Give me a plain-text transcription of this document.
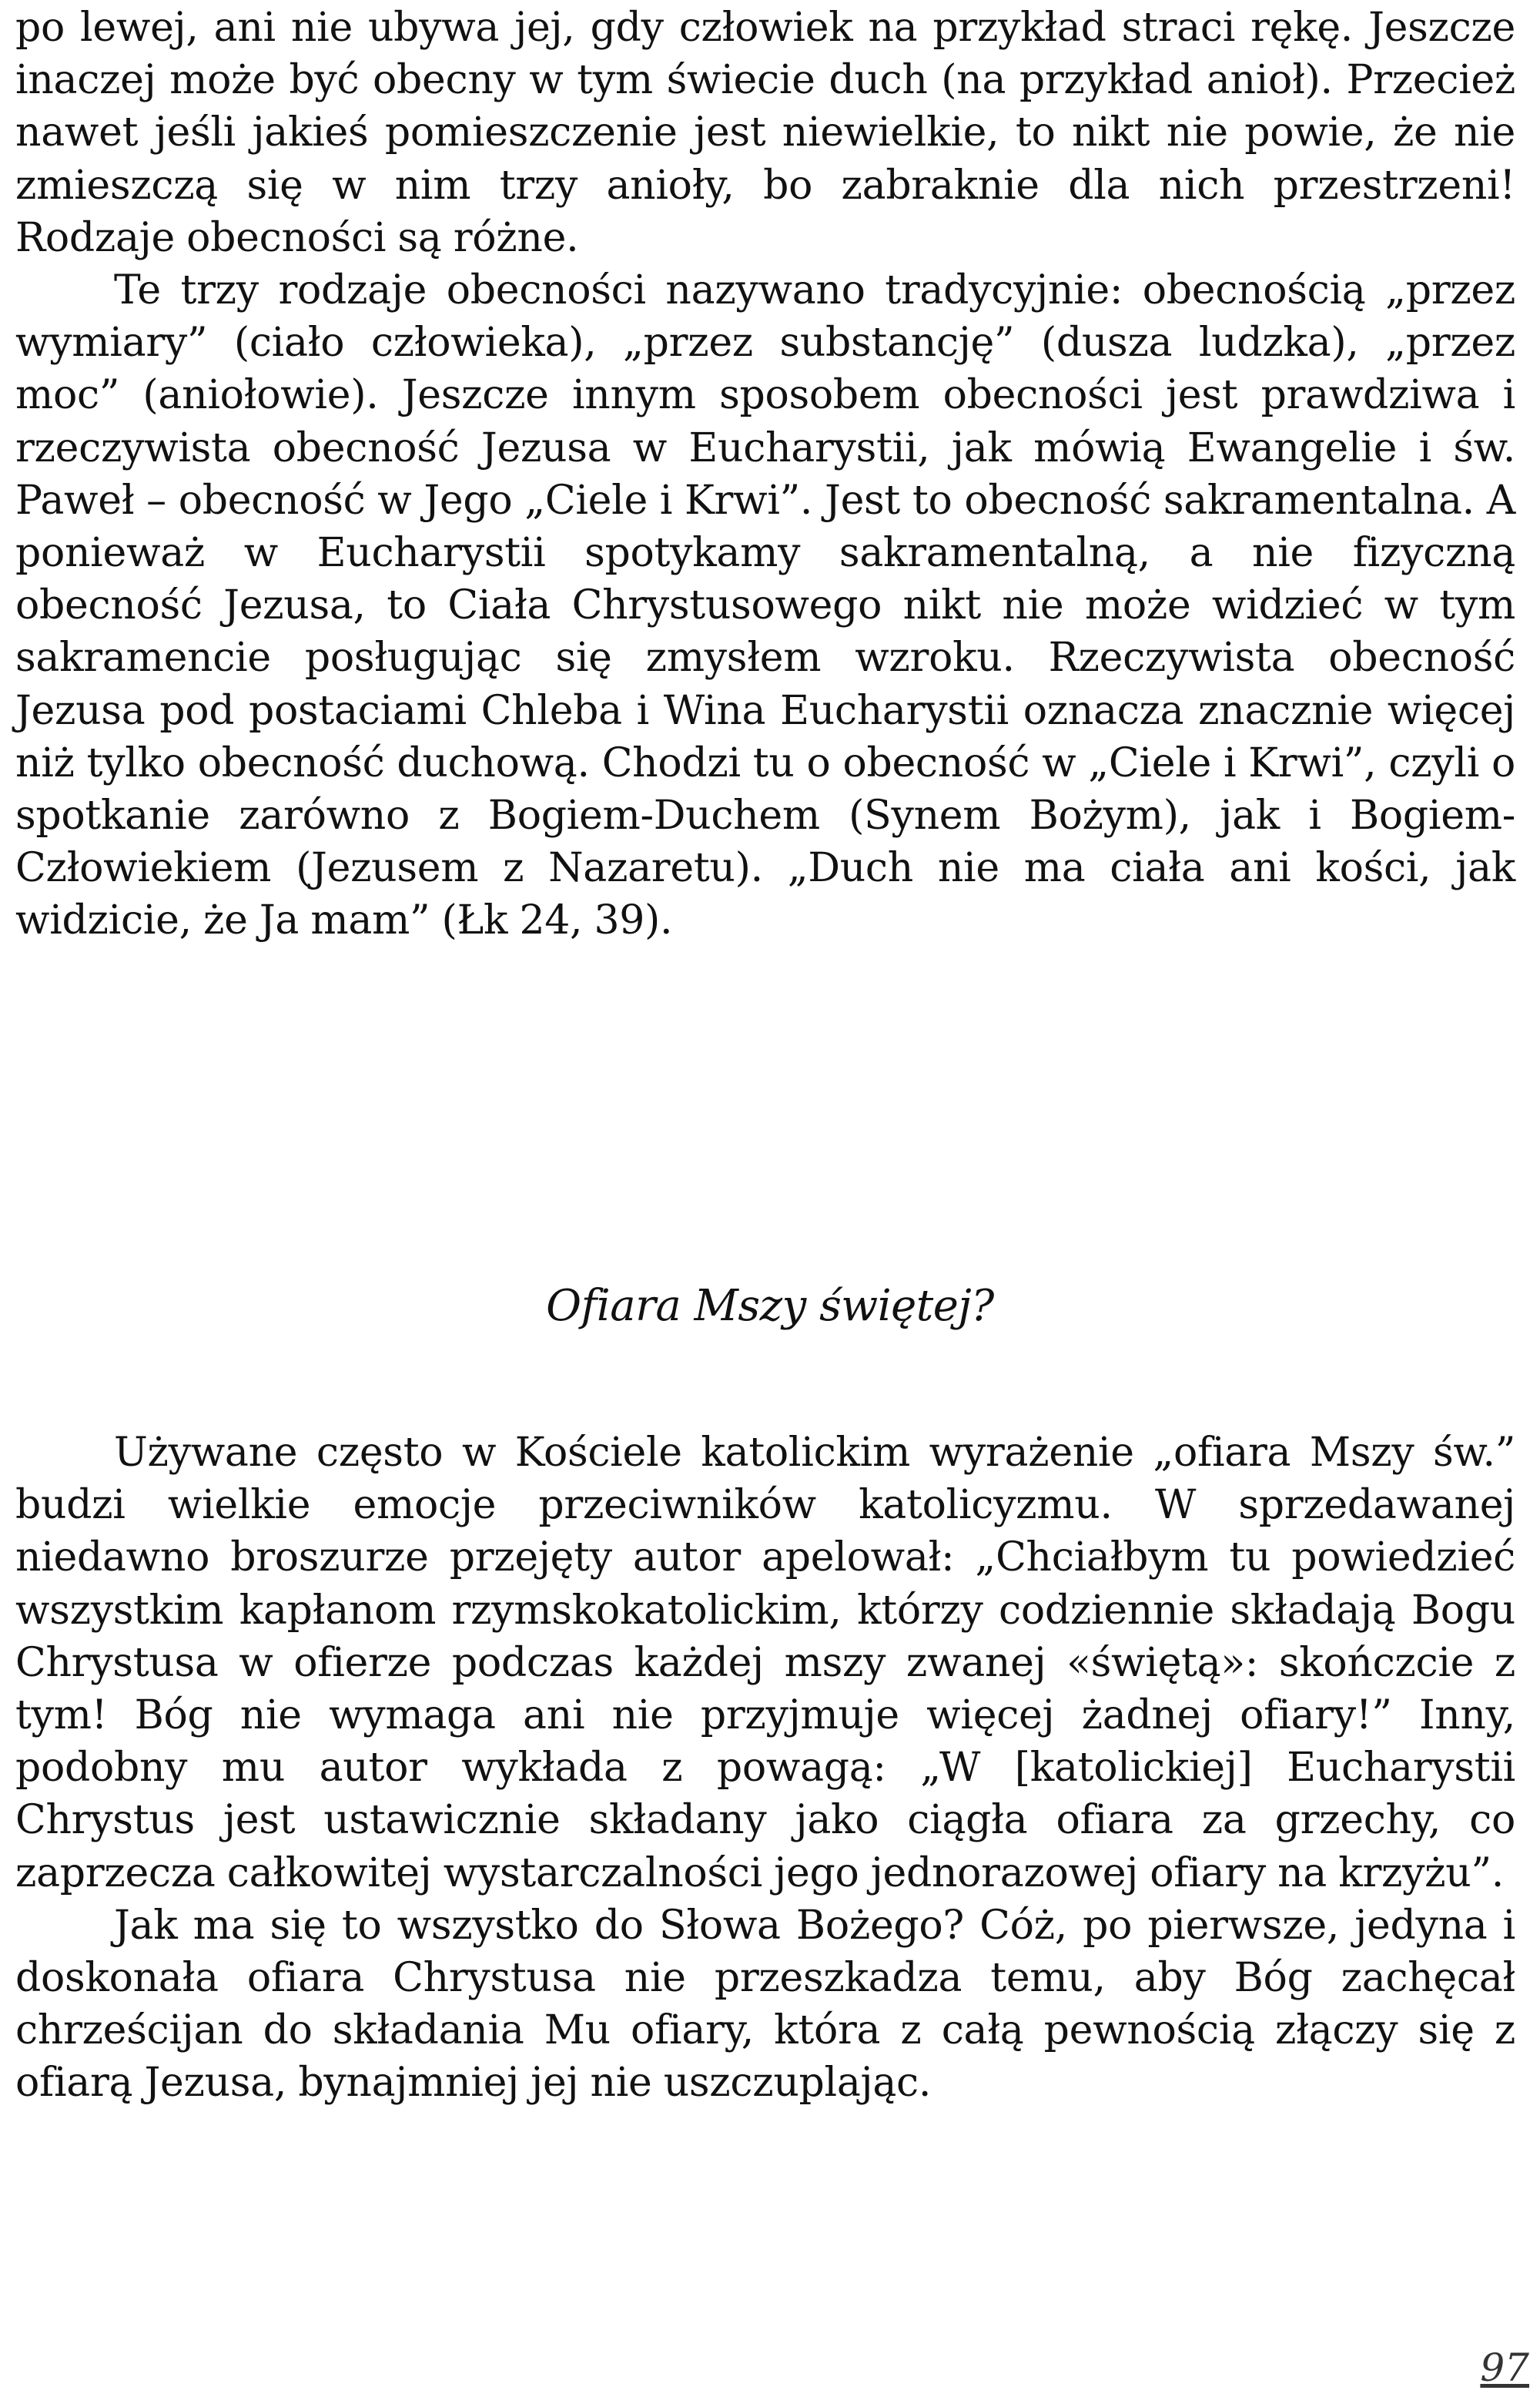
po lewej, ani nie ubywa jej, gdy człowiek na przykład straci rękę. Jeszcze inaczej może być obecny w tym świecie duch (na przykład anioł). Przecież nawet jeśli jakieś pomieszczenie jest niewielkie, to nikt nie powie, że nie zmieszczą się w nim trzy anioły, bo zabraknie dla nich przestrzeni! Rodzaje obecności są różne.

Te trzy rodzaje obecności nazywano tradycyjnie: obecnością „przez wymiary” (ciało człowieka), „przez substancję” (dusza ludzka), „przez moc” (aniołowie). Jeszcze innym sposobem obecności jest prawdziwa i rzeczywista obecność Jezusa w Eucharystii, jak mówią Ewangelie i św. Paweł – obecność w Jego „Ciele i Krwi”. Jest to obecność sakramentalna. A ponieważ w Eucharystii spotykamy sakramentalną, a nie fizyczną obecność Jezusa, to Ciała Chrystusowego nikt nie może widzieć w tym sakramencie posługując się zmysłem wzroku. Rzeczywista obecność Jezusa pod postaciami Chleba i Wina Eucharystii oznacza znacznie więcej niż tylko obecność duchową. Chodzi tu o obecność w „Ciele i Krwi”, czyli o spotkanie zarówno z Bogiem-Duchem (Synem Bożym), jak i Bogiem-Człowiekiem (Jezusem z Nazaretu). „Duch nie ma ciała ani kości, jak widzicie, że Ja mam” (Łk 24, 39).

Ofiara Mszy świętej?

Używane często w Kościele katolickim wyrażenie „ofiara Mszy św.” budzi wielkie emocje przeciwników katolicyzmu. W sprzedawanej niedawno broszurze przejęty autor apelował: „Chciałbym tu powiedzieć wszystkim kapłanom rzymskokatolickim, którzy codziennie składają Bogu Chrystusa w ofierze podczas każdej mszy zwanej «świętą»: skończcie z tym! Bóg nie wymaga ani nie przyjmuje więcej żadnej ofiary!” Inny, podobny mu autor wykłada z powagą: „W [katolickiej] Eucharystii Chrystus jest ustawicznie składany jako ciągła ofiara za grzechy, co zaprzecza całkowitej wystarczalności jego jednorazowej ofiary na krzyżu”.

Jak ma się to wszystko do Słowa Bożego? Cóż, po pierwsze, jedyna i doskonała ofiara Chrystusa nie przeszkadza temu, aby Bóg zachęcał chrześcijan do składania Mu ofiary, która z całą pewnością złączy się z ofiarą Jezusa, bynajmniej jej nie uszczuplając.

97
